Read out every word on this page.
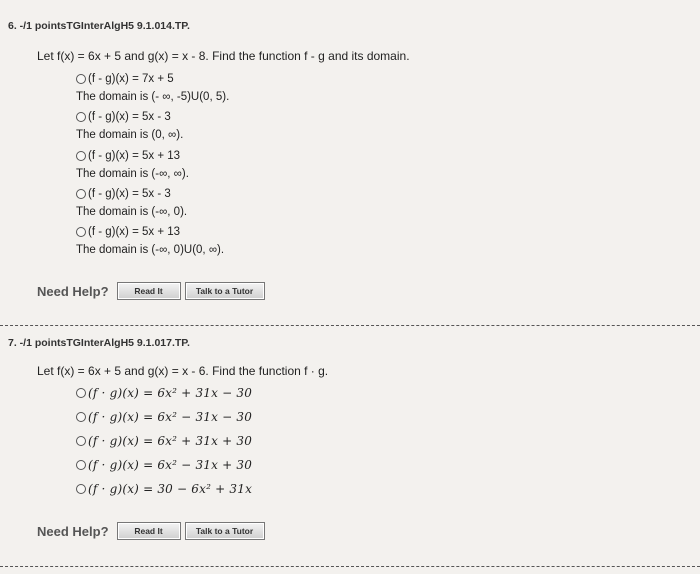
6. -/1 pointsTGInterAlgH5 9.1.014.TP.
Let f(x) = 6x + 5 and g(x) = x - 8. Find the function f - g and its domain.
(f - g)(x) = 7x + 5
The domain is (- ∞, -5)U(0, 5).
(f - g)(x) = 5x - 3
The domain is (0, ∞).
(f - g)(x) = 5x + 13
The domain is (-∞, ∞).
(f - g)(x) = 5x - 3
The domain is (-∞, 0).
(f - g)(x) = 5x + 13
The domain is (-∞, 0)U(0, ∞).
Need Help?	Read It	Talk to a Tutor
7. -/1 pointsTGInterAlgH5 9.1.017.TP.
Let f(x) = 6x + 5 and g(x) = x - 6. Find the function f · g.
(f · g)(x) = 6x² + 31x − 30
(f · g)(x) = 6x² − 31x − 30
(f · g)(x) = 6x² + 31x + 30
(f · g)(x) = 6x² − 31x + 30
(f · g)(x) = 30 − 6x² + 31x
Need Help?	Read It	Talk to a Tutor
